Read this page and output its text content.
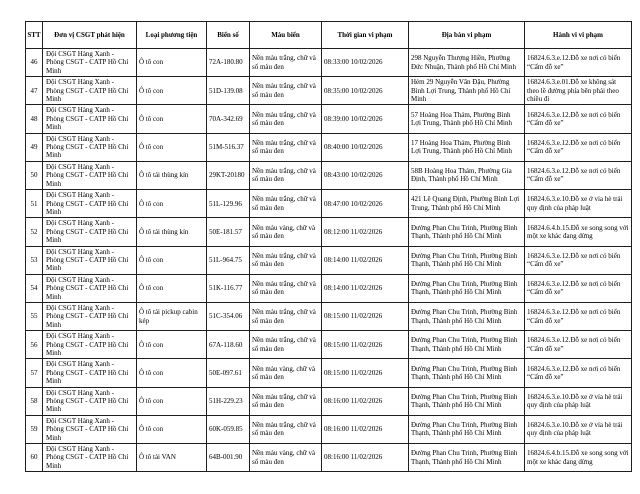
STT	Đơn vị CSGT phát hiện	Loại phương tiện	Biển số	Màu biển	Thời gian vi phạm	Địa bàn vi phạm	Hành vi vi phạm
46	Đội CSGT Hàng Xanh - Phòng CSGT - CATP Hồ Chí Minh	Ô tô con	72A-180.80	Nền màu trắng, chữ và số màu đen	08:33:00 10/02/2026	298 Nguyễn Thượng Hiền, Phường Đức Nhuận, Thành phố Hồ Chí Minh	16824.6.3.e.12.Đỗ xe nơi có biển “Cấm đỗ xe”
47	Đội CSGT Hàng Xanh - Phòng CSGT - CATP Hồ Chí Minh	Ô tô con	51D-139.08	Nền màu trắng, chữ và số màu đen	08:35:00 10/02/2026	Hẻm 29 Nguyễn Văn Đậu, Phường Bình Lợi Trung, Thành phố Hồ Chí Minh	16824.6.3.e.01.Đỗ xe không sát theo lề đường phía bên phải theo chiều đi
48	Đội CSGT Hàng Xanh - Phòng CSGT - CATP Hồ Chí Minh	Ô tô con	70A-342.69	Nền màu trắng, chữ và số màu đen	08:39:00 10/02/2026	57 Hoàng Hoa Thám, Phường Bình Lợi Trung, Thành phố Hồ Chí Minh	16824.6.3.e.12.Đỗ xe nơi có biển “Cấm đỗ xe”
49	Đội CSGT Hàng Xanh - Phòng CSGT - CATP Hồ Chí Minh	Ô tô con	51M-516.37	Nền màu trắng, chữ và số màu đen	08:40:00 10/02/2026	17 Hoàng Hoa Thám, Phường Bình Lợi Trung, Thành phố Hồ Chí Minh	16824.6.3.e.12.Đỗ xe nơi có biển “Cấm đỗ xe”
50	Đội CSGT Hàng Xanh - Phòng CSGT - CATP Hồ Chí Minh	Ô tô tải thùng kín	29KT-20180	Nền màu trắng, chữ và số màu đen	08:43:00 10/02/2026	58B Hoàng Hoa Thám, Phường Gia Định, Thành phố Hồ Chí Minh	16824.6.3.e.12.Đỗ xe nơi có biển “Cấm đỗ xe”
51	Đội CSGT Hàng Xanh - Phòng CSGT - CATP Hồ Chí Minh	Ô tô con	51L-129.96	Nền màu trắng, chữ và số màu đen	08:47:00 10/02/2026	421 Lê Quang Định, Phường Bình Lợi Trung, Thành phố Hồ Chí Minh	16824.6.3.e.10.Đỗ xe ở vỉa hè trái quy định của pháp luật
52	Đội CSGT Hàng Xanh - Phòng CSGT - CATP Hồ Chí Minh	Ô tô tải thùng kín	50E-181.57	Nền màu vàng, chữ và số màu đen	08:12:00 11/02/2026	Đường Phan Chu Trinh, Phường Bình Thạnh, Thành phố Hồ Chí Minh	16824.6.4.b.15.Đỗ xe song song với một xe khác đang dừng
53	Đội CSGT Hàng Xanh - Phòng CSGT - CATP Hồ Chí Minh	Ô tô con	51L-964.75	Nền màu trắng, chữ và số màu đen	08:14:00 11/02/2026	Đường Phan Chu Trinh, Phường Bình Thạnh, Thành phố Hồ Chí Minh	16824.6.3.e.12.Đỗ xe nơi có biển “Cấm đỗ xe”
54	Đội CSGT Hàng Xanh - Phòng CSGT - CATP Hồ Chí Minh	Ô tô con	51K-116.77	Nền màu trắng, chữ và số màu đen	08:14:00 11/02/2026	Đường Phan Chu Trinh, Phường Bình Thạnh, Thành phố Hồ Chí Minh	16824.6.3.e.12.Đỗ xe nơi có biển “Cấm đỗ xe”
55	Đội CSGT Hàng Xanh - Phòng CSGT - CATP Hồ Chí Minh	Ô tô tải pickup cabin kép	51C-354.06	Nền màu trắng, chữ và số màu đen	08:15:00 11/02/2026	Đường Phan Chu Trinh, Phường Bình Thạnh, Thành phố Hồ Chí Minh	16824.6.3.e.12.Đỗ xe nơi có biển “Cấm đỗ xe”
56	Đội CSGT Hàng Xanh - Phòng CSGT - CATP Hồ Chí Minh	Ô tô con	67A-118.60	Nền màu trắng, chữ và số màu đen	08:15:00 11/02/2026	Đường Phan Chu Trinh, Phường Bình Thạnh, Thành phố Hồ Chí Minh	16824.6.3.e.12.Đỗ xe nơi có biển “Cấm đỗ xe”
57	Đội CSGT Hàng Xanh - Phòng CSGT - CATP Hồ Chí Minh	Ô tô con	50E-097.61	Nền màu vàng, chữ và số màu đen	08:15:00 11/02/2026	Đường Phan Chu Trinh, Phường Bình Thạnh, Thành phố Hồ Chí Minh	16824.6.3.e.12.Đỗ xe nơi có biển “Cấm đỗ xe”
58	Đội CSGT Hàng Xanh - Phòng CSGT - CATP Hồ Chí Minh	Ô tô con	51H-229.23	Nền màu trắng, chữ và số màu đen	08:16:00 11/02/2026	Đường Phan Chu Trinh, Phường Bình Thạnh, Thành phố Hồ Chí Minh	16824.6.3.e.10.Đỗ xe ở vỉa hè trái quy định của pháp luật
59	Đội CSGT Hàng Xanh - Phòng CSGT - CATP Hồ Chí Minh	Ô tô con	60K-059.85	Nền màu trắng, chữ và số màu đen	08:16:00 11/02/2026	Đường Phan Chu Trinh, Phường Bình Thạnh, Thành phố Hồ Chí Minh	16824.6.3.e.10.Đỗ xe ở vỉa hè trái quy định của pháp luật
60	Đội CSGT Hàng Xanh - Phòng CSGT - CATP Hồ Chí Minh	Ô tô tải VAN	64B-001.90	Nền màu vàng, chữ và số màu đen	08:16:00 11/02/2026	Đường Phan Chu Trinh, Phường Bình Thạnh, Thành phố Hồ Chí Minh	16824.6.4.b.15.Đỗ xe song song với một xe khác đang dừng
